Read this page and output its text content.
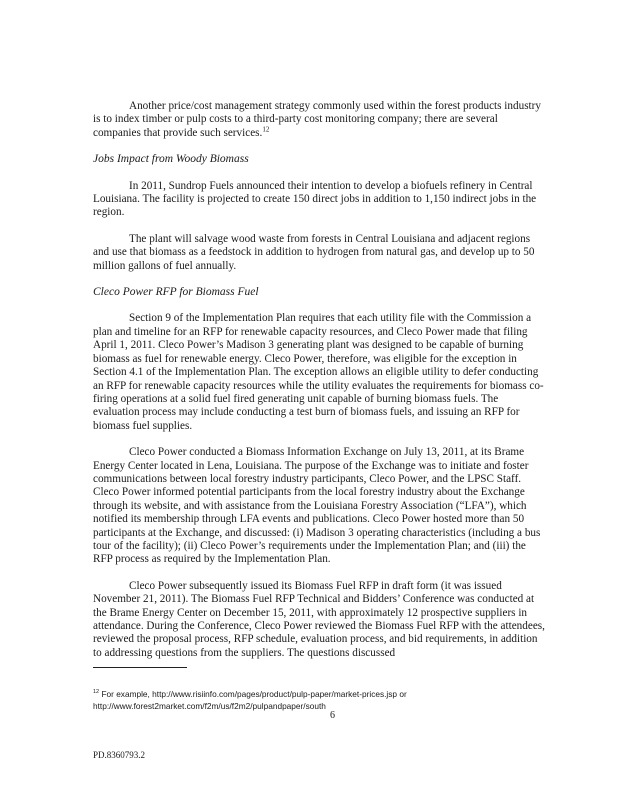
Another price/cost management strategy commonly used within the forest products industry is to index timber or pulp costs to a third-party cost monitoring company; there are several companies that provide such services.$^{12}$

Jobs Impact from Woody Biomass

In 2011, Sundrop Fuels announced their intention to develop a biofuels refinery in Central Louisiana. The facility is projected to create 150 direct jobs in addition to 1,150 indirect jobs in the region.

The plant will salvage wood waste from forests in Central Louisiana and adjacent regions and use that biomass as a feedstock in addition to hydrogen from natural gas, and develop up to 50 million gallons of fuel annually.

Cleco Power RFP for Biomass Fuel

Section 9 of the Implementation Plan requires that each utility file with the Commission a plan and timeline for an RFP for renewable capacity resources, and Cleco Power made that filing April 1, 2011. Cleco Power’s Madison 3 generating plant was designed to be capable of burning biomass as fuel for renewable energy. Cleco Power, therefore, was eligible for the exception in Section 4.1 of the Implementation Plan. The exception allows an eligible utility to defer conducting an RFP for renewable capacity resources while the utility evaluates the requirements for biomass co-firing operations at a solid fuel fired generating unit capable of burning biomass fuels. The evaluation process may include conducting a test burn of biomass fuels, and issuing an RFP for biomass fuel supplies.

Cleco Power conducted a Biomass Information Exchange on July 13, 2011, at its Brame Energy Center located in Lena, Louisiana. The purpose of the Exchange was to initiate and foster communications between local forestry industry participants, Cleco Power, and the LPSC Staff. Cleco Power informed potential participants from the local forestry industry about the Exchange through its website, and with assistance from the Louisiana Forestry Association (“LFA”), which notified its membership through LFA events and publications. Cleco Power hosted more than 50 participants at the Exchange, and discussed: (i) Madison 3 operating characteristics (including a bus tour of the facility); (ii) Cleco Power’s requirements under the Implementation Plan; and (iii) the RFP process as required by the Implementation Plan.

Cleco Power subsequently issued its Biomass Fuel RFP in draft form (it was issued November 21, 2011). The Biomass Fuel RFP Technical and Bidders’ Conference was conducted at the Brame Energy Center on December 15, 2011, with approximately 12 prospective suppliers in attendance. During the Conference, Cleco Power reviewed the Biomass Fuel RFP with the attendees, reviewed the proposal process, RFP schedule, evaluation process, and bid requirements, in addition to addressing questions from the suppliers. The questions discussed

$^{12}$ For example, http://www.risiinfo.com/pages/product/pulp-paper/market-prices.jsp or http://www.forest2market.com/f2m/us/f2m2/pulpandpaper/south
6
PD.8360793.2
